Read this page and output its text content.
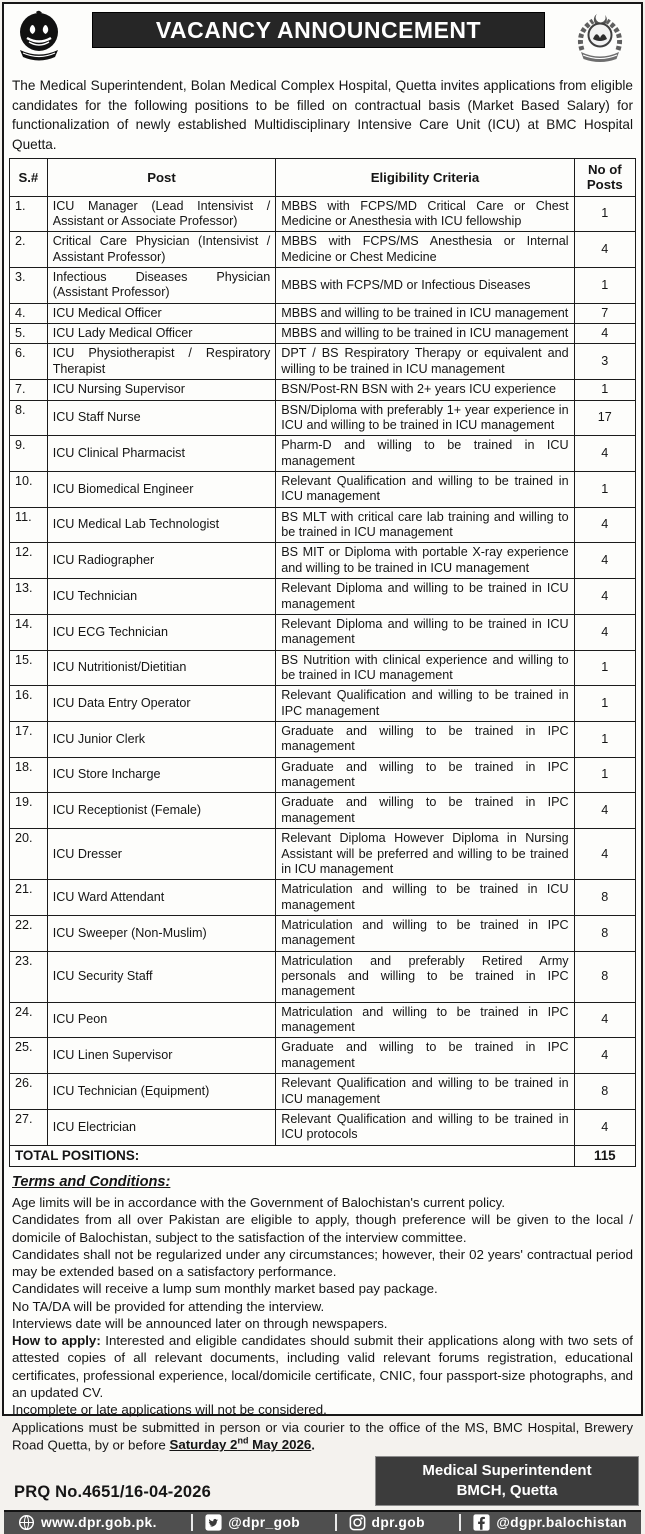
VACANCY ANNOUNCEMENT

The Medical Superintendent, Bolan Medical Complex Hospital, Quetta invites applications from eligible candidates for the following positions to be filled on contractual basis (Market Based Salary) for functionalization of newly established Multidisciplinary Intensive Care Unit (ICU) at BMC Hospital Quetta.

S.#	Post	Eligibility Criteria	No of Posts
1.	ICU Manager (Lead Intensivist / Assistant or Associate Professor)	MBBS with FCPS/MD Critical Care or Chest Medicine or Anesthesia with ICU fellowship	1
2.	Critical Care Physician (Intensivist / Assistant Professor)	MBBS with FCPS/MS Anesthesia or Internal Medicine or Chest Medicine	4
3.	Infectious Diseases Physician (Assistant Professor)	MBBS with FCPS/MD or Infectious Diseases	1
4.	ICU Medical Officer	MBBS and willing to be trained in ICU management	7
5.	ICU Lady Medical Officer	MBBS and willing to be trained in ICU management	4
6.	ICU Physiotherapist / Respiratory Therapist	DPT / BS Respiratory Therapy or equivalent and willing to be trained in ICU management	3
7.	ICU Nursing Supervisor	BSN/Post-RN BSN with 2+ years ICU experience	1
8.	ICU Staff Nurse	BSN/Diploma with preferably 1+ year experience in ICU and willing to be trained in ICU management	17
9.	ICU Clinical Pharmacist	Pharm-D and willing to be trained in ICU management	4
10.	ICU Biomedical Engineer	Relevant Qualification and willing to be trained in ICU management	1
11.	ICU Medical Lab Technologist	BS MLT with critical care lab training and willing to be trained in ICU management	4
12.	ICU Radiographer	BS MIT or Diploma with portable X-ray experience and willing to be trained in ICU management	4
13.	ICU Technician	Relevant Diploma and willing to be trained in ICU management	4
14.	ICU ECG Technician	Relevant Diploma and willing to be trained in ICU management	4
15.	ICU Nutritionist/Dietitian	BS Nutrition with clinical experience and willing to be trained in ICU management	1
16.	ICU Data Entry Operator	Relevant Qualification and willing to be trained in IPC management	1
17.	ICU Junior Clerk	Graduate and willing to be trained in IPC management	1
18.	ICU Store Incharge	Graduate and willing to be trained in IPC management	1
19.	ICU Receptionist (Female)	Graduate and willing to be trained in IPC management	4
20.	ICU Dresser	Relevant Diploma However Diploma in Nursing Assistant will be preferred and willing to be trained in ICU management	4
21.	ICU Ward Attendant	Matriculation and willing to be trained in ICU management	8
22.	ICU Sweeper (Non-Muslim)	Matriculation and willing to be trained in IPC management	8
23.	ICU Security Staff	Matriculation and preferably Retired Army personals and willing to be trained in IPC management	8
24.	ICU Peon	Matriculation and willing to be trained in IPC management	4
25.	ICU Linen Supervisor	Graduate and willing to be trained in IPC management	4
26.	ICU Technician (Equipment)	Relevant Qualification and willing to be trained in ICU management	8
27.	ICU Electrician	Relevant Qualification and willing to be trained in ICU protocols	4
TOTAL POSITIONS:			115
Terms and Conditions:
Age limits will be in accordance with the Government of Balochistan's current policy.
Candidates from all over Pakistan are eligible to apply, though preference will be given to the local / domicile of Balochistan, subject to the satisfaction of the interview committee.
Candidates shall not be regularized under any circumstances; however, their 02 years' contractual period may be extended based on a satisfactory performance.
Candidates will receive a lump sum monthly market based pay package.
No TA/DA will be provided for attending the interview.
Interviews date will be announced later on through newspapers.
How to apply: Interested and eligible candidates should submit their applications along with two sets of attested copies of all relevant documents, including valid relevant forums registration, educational certificates, professional experience, local/domicile certificate, CNIC, four passport-size photographs, and an updated CV.
Incomplete or late applications will not be considered.
Applications must be submitted in person or via courier to the office of the MS, BMC Hospital, Brewery Road Quetta, by or before Saturday 2nd May 2026.
PRQ No.4651/16-04-2026
Medical Superintendent
BMCH, Quetta
www.dpr.gob.pk.	@dpr_gob	dpr.gob	@dgpr.balochistan
